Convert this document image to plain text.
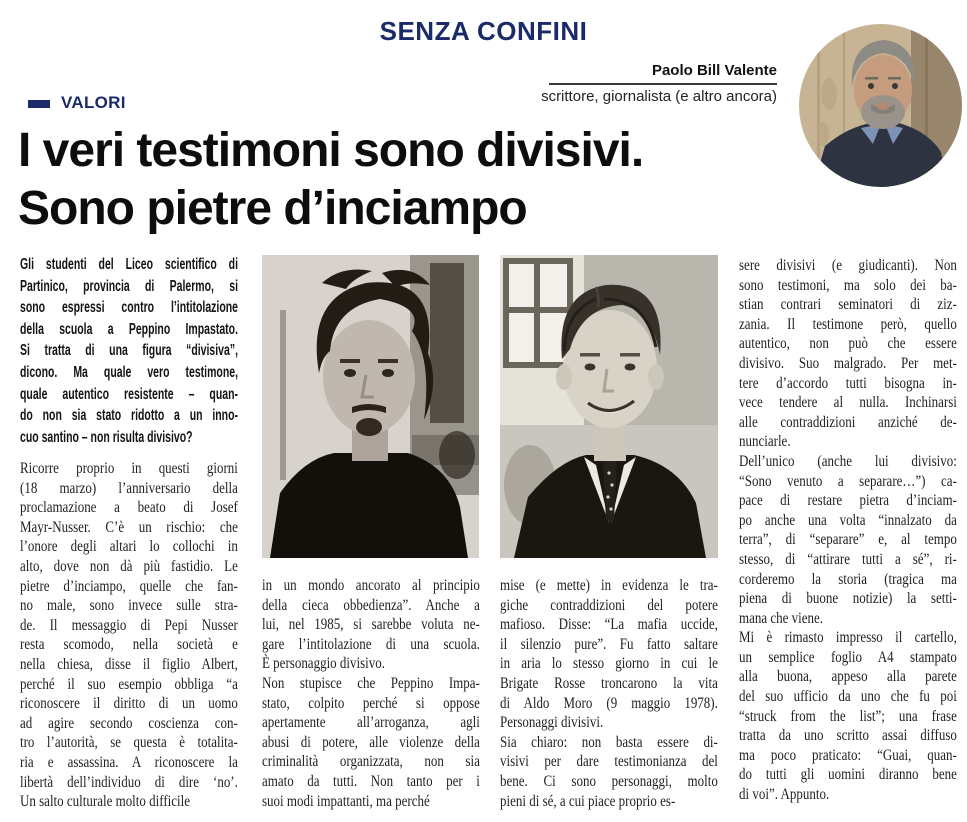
SENZA CONFINI
Paolo Bill Valente
scrittore, giornalista (e altro ancora)
VALORI
I veri testimoni sono divisivi.
Sono pietre d’inciampo
Gli studenti del Liceo scientifico di
Partinico, provincia di Palermo, si
sono espressi contro l’intitolazione
della scuola a Peppino Impastato.
Si tratta di una figura “divisiva”,
dicono. Ma quale vero testimone,
quale autentico resistente – quan-
do non sia stato ridotto a un inno-
cuo santino – non risulta divisivo?
Ricorre proprio in questi giorni
(18 marzo) l’anniversario della
proclamazione a beato di Josef
Mayr-Nusser. C’è un rischio: che
l’onore degli altari lo collochi in
alto, dove non dà più fastidio. Le
pietre d’inciampo, quelle che fan-
no male, sono invece sulle stra-
de. Il messaggio di Pepi Nusser
resta scomodo, nella società e
nella chiesa, disse il figlio Albert,
perché il suo esempio obbliga “a
riconoscere il diritto di un uomo
ad agire secondo coscienza con-
tro l’autorità, se questa è totalita-
ria e assassina. A riconoscere la
libertà dell’individuo di dire ‘no’.
Un salto culturale molto difficile
in un mondo ancorato al principio
della cieca obbedienza”. Anche a
lui, nel 1985, si sarebbe voluta ne-
gare l’intitolazione di una scuola.
È personaggio divisivo.
Non stupisce che Peppino Impa-
stato, colpito perché si oppose
apertamente all’arroganza, agli
abusi di potere, alle violenze della
criminalità organizzata, non sia
amato da tutti. Non tanto per i
suoi modi impattanti, ma perché
mise (e mette) in evidenza le tra-
giche contraddizioni del potere
mafioso. Disse: “La mafia uccide,
il silenzio pure”. Fu fatto saltare
in aria lo stesso giorno in cui le
Brigate Rosse troncarono la vita
di Aldo Moro (9 maggio 1978).
Personaggi divisivi.
Sia chiaro: non basta essere di-
visivi per dare testimonianza del
bene. Ci sono personaggi, molto
pieni di sé, a cui piace proprio es-
sere divisivi (e giudicanti). Non
sono testimoni, ma solo dei ba-
stian contrari seminatori di ziz-
zania. Il testimone però, quello
autentico, non può che essere
divisivo. Suo malgrado. Per met-
tere d’accordo tutti bisogna in-
vece tendere al nulla. Inchinarsi
alle contraddizioni anziché de-
nunciarle.
Dell’unico (anche lui divisivo:
“Sono venuto a separare…”) ca-
pace di restare pietra d’inciam-
po anche una volta “innalzato da
terra”, di “separare” e, al tempo
stesso, di “attirare tutti a sé”, ri-
corderemo la storia (tragica ma
piena di buone notizie) la setti-
mana che viene.
Mi è rimasto impresso il cartello,
un semplice foglio A4 stampato
alla buona, appeso alla parete
del suo ufficio da uno che fu poi
“struck from the list”; una frase
tratta da uno scritto assai diffuso
ma poco praticato: “Guai, quan-
do tutti gli uomini diranno bene
di voi”. Appunto.
